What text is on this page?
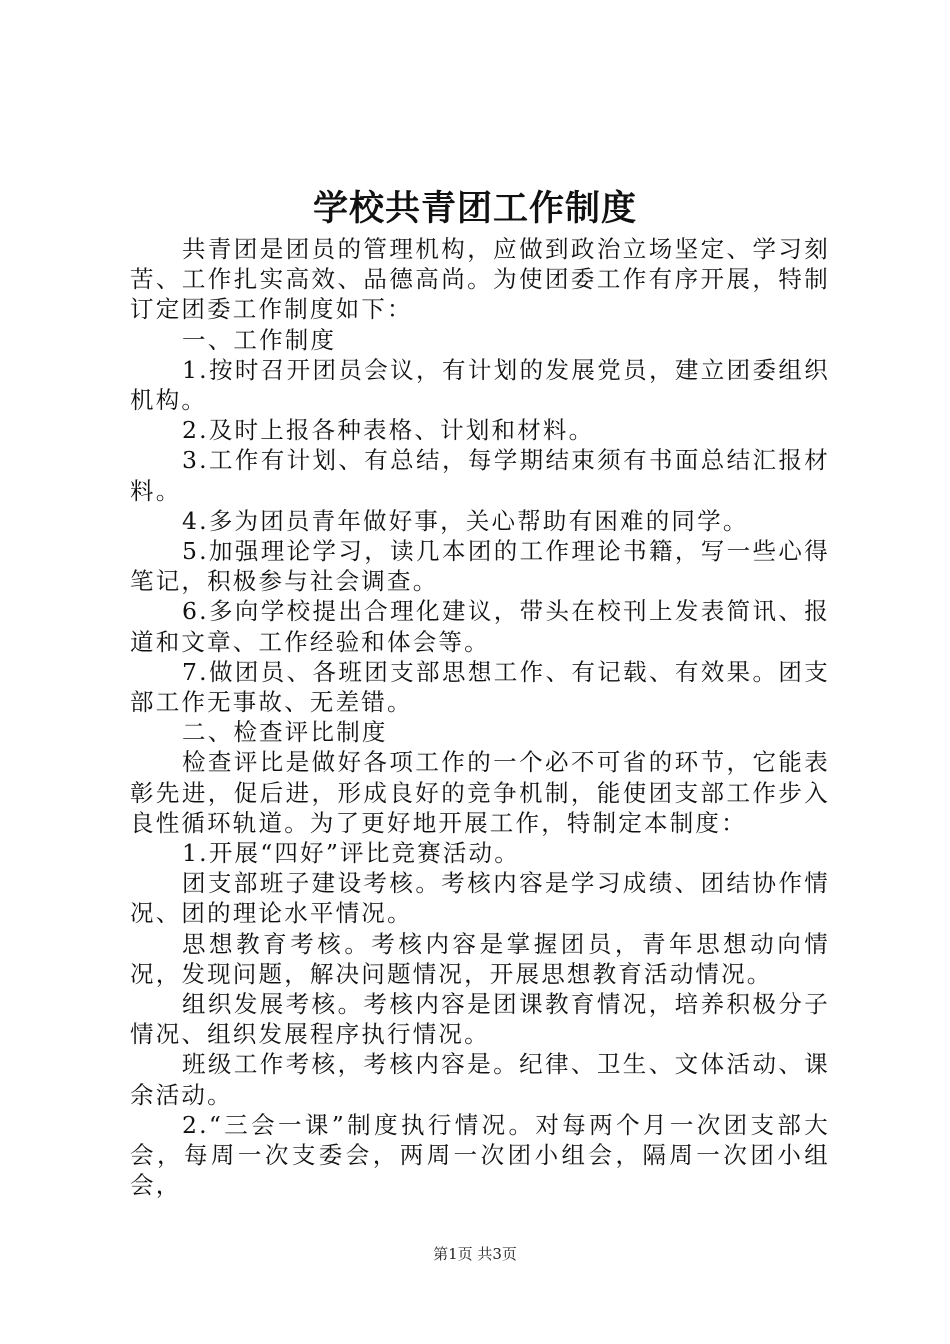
学校共青团工作制度

共青团是团员的管理机构，应做到政治立场坚定、学习刻苦、工作扎实高效、品德高尚。为使团委工作有序开展，特制订定团委工作制度如下：

一、工作制度

1.按时召开团员会议，有计划的发展党员，建立团委组织机构。

2.及时上报各种表格、计划和材料。

3.工作有计划、有总结，每学期结束须有书面总结汇报材料。

4.多为团员青年做好事，关心帮助有困难的同学。

5.加强理论学习，读几本团的工作理论书籍，写一些心得笔记，积极参与社会调查。

6.多向学校提出合理化建议，带头在校刊上发表简讯、报道和文章、工作经验和体会等。

7.做团员、各班团支部思想工作、有记载、有效果。团支部工作无事故、无差错。

二、检查评比制度

检查评比是做好各项工作的一个必不可省的环节，它能表彰先进，促后进，形成良好的竞争机制，能使团支部工作步入良性循环轨道。为了更好地开展工作，特制定本制度：

1.开展“四好”评比竞赛活动。

团支部班子建设考核。考核内容是学习成绩、团结协作情况、团的理论水平情况。

思想教育考核。考核内容是掌握团员，青年思想动向情况，发现问题，解决问题情况，开展思想教育活动情况。

组织发展考核。考核内容是团课教育情况，培养积极分子情况、组织发展程序执行情况。

班级工作考核，考核内容是。纪律、卫生、文体活动、课余活动。

2.“三会一课”制度执行情况。对每两个月一次团支部大会，每周一次支委会，两周一次团小组会，隔周一次团小组会，

第1页 共3页
